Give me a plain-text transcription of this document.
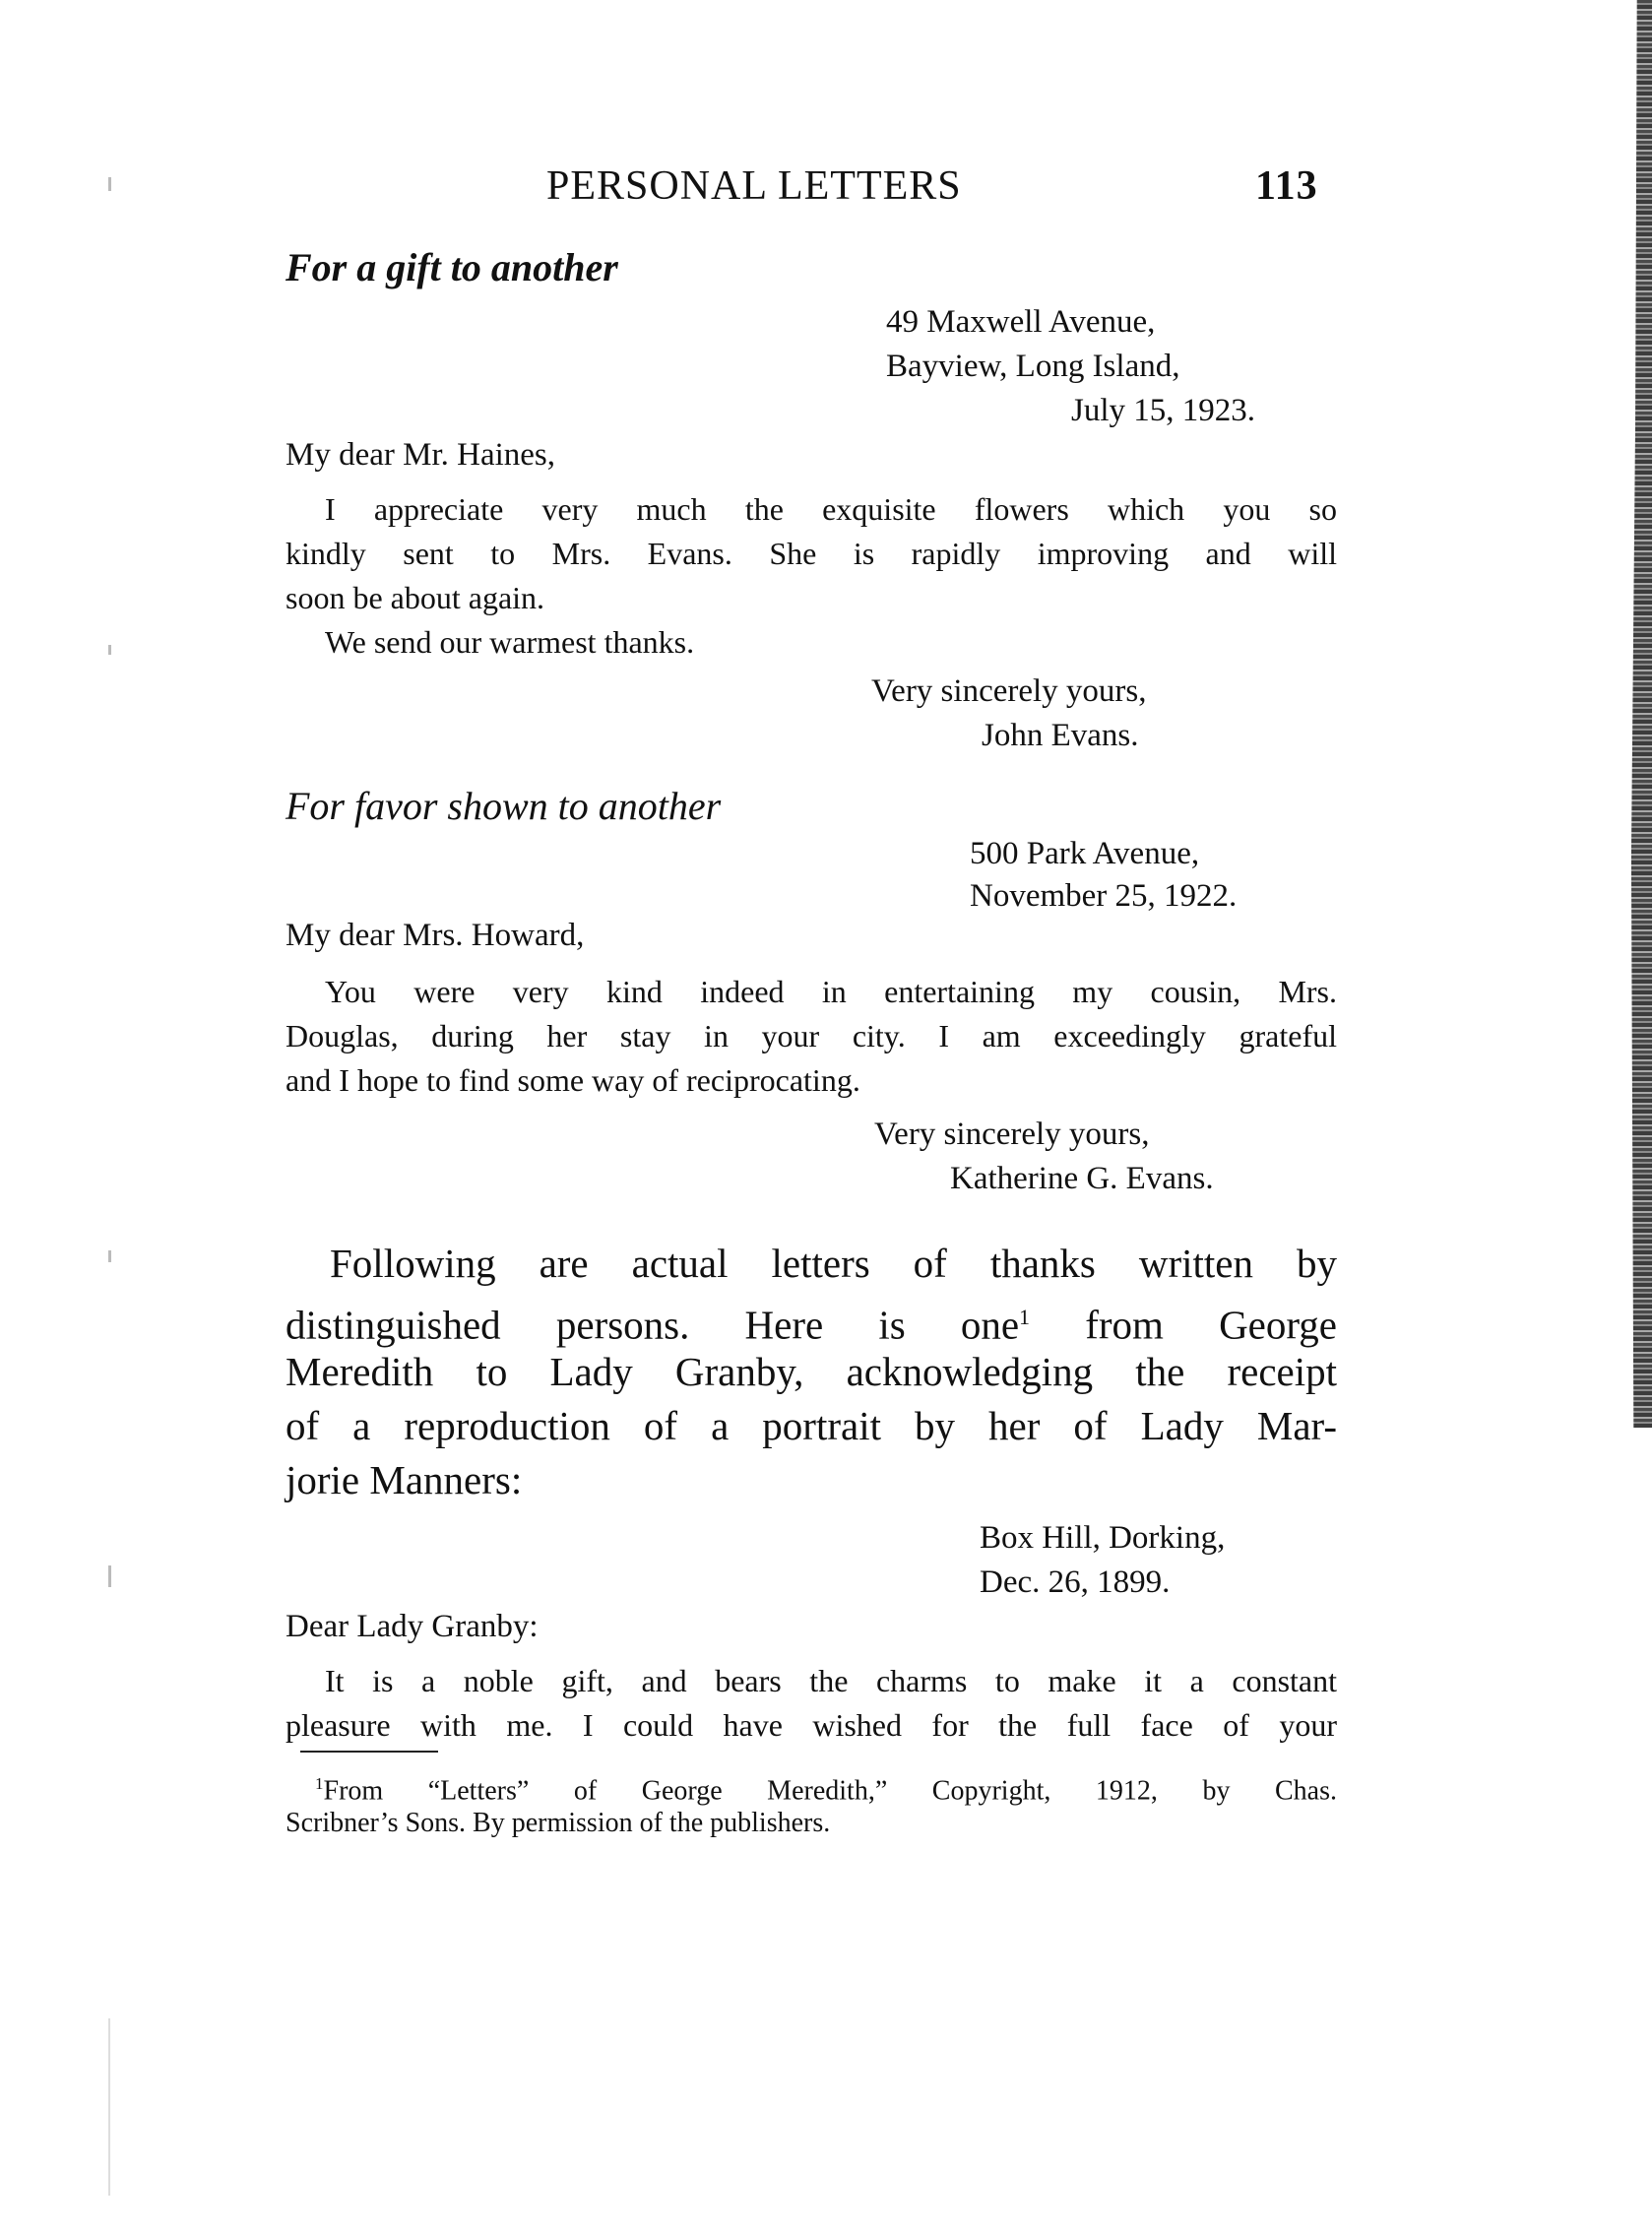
PERSONAL LETTERS	113
For a gift to another
49 Maxwell Avenue,
Bayview, Long Island,
July 15, 1923.
My dear Mr. Haines,
I appreciate very much the exquisite flowers which you so
kindly sent to Mrs. Evans. She is rapidly improving and will
soon be about again.
We send our warmest thanks.
Very sincerely yours,
John Evans.
For favor shown to another
500 Park Avenue,
November 25, 1922.
My dear Mrs. Howard,
You were very kind indeed in entertaining my cousin, Mrs.
Douglas, during her stay in your city. I am exceedingly grateful
and I hope to find some way of reciprocating.
Very sincerely yours,
Katherine G. Evans.
Following are actual letters of thanks written by
distinguished persons. Here is one$^1$ from George
Meredith to Lady Granby, acknowledging the receipt
of a reproduction of a portrait by her of Lady Mar-
jorie Manners:
Box Hill, Dorking,
Dec. 26, 1899.
Dear Lady Granby:
It is a noble gift, and bears the charms to make it a constant
pleasure with me. I could have wished for the full face of your
$^1$From “Letters” of George Meredith,” Copyright, 1912, by Chas.
Scribner’s Sons. By permission of the publishers.
